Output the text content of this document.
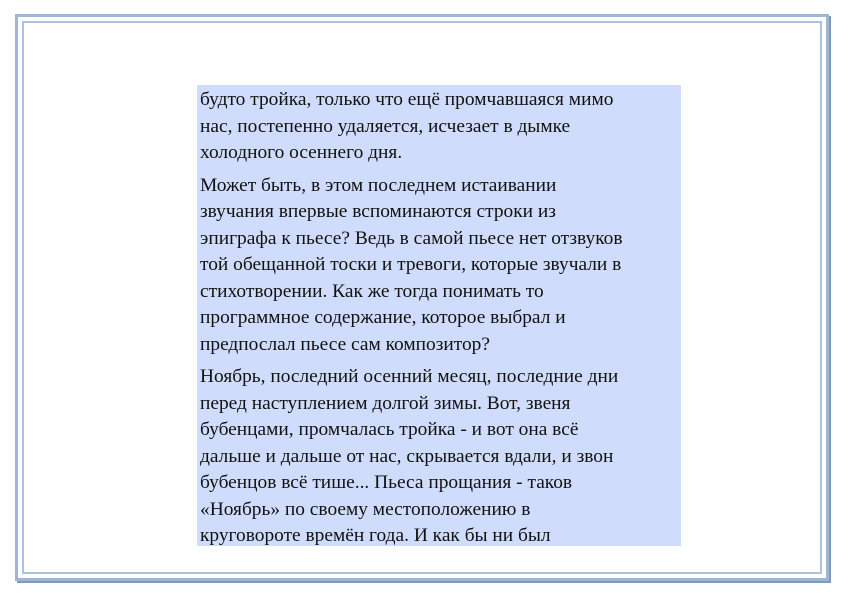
будто тройка, только что ещё промчавшаяся мимо
нас, постепенно удаляется, исчезает в дымке
холодного осеннего дня.

Может быть, в этом последнем истаивании
звучания впервые вспоминаются строки из
эпиграфа к пьесе? Ведь в самой пьесе нет отзвуков
той обещанной тоски и тревоги, которые звучали в
стихотворении. Как же тогда понимать то
программное содержание, которое выбрал и
предпослал пьесе сам композитор?

Ноябрь, последний осенний месяц, последние дни
перед наступлением долгой зимы. Вот, звеня
бубенцами, промчалась тройка - и вот она всё
дальше и дальше от нас, скрывается вдали, и звон
бубенцов всё тише... Пьеса прощания - таков
«Ноябрь» по своему местоположению в
круговороте времён года. И как бы ни был
